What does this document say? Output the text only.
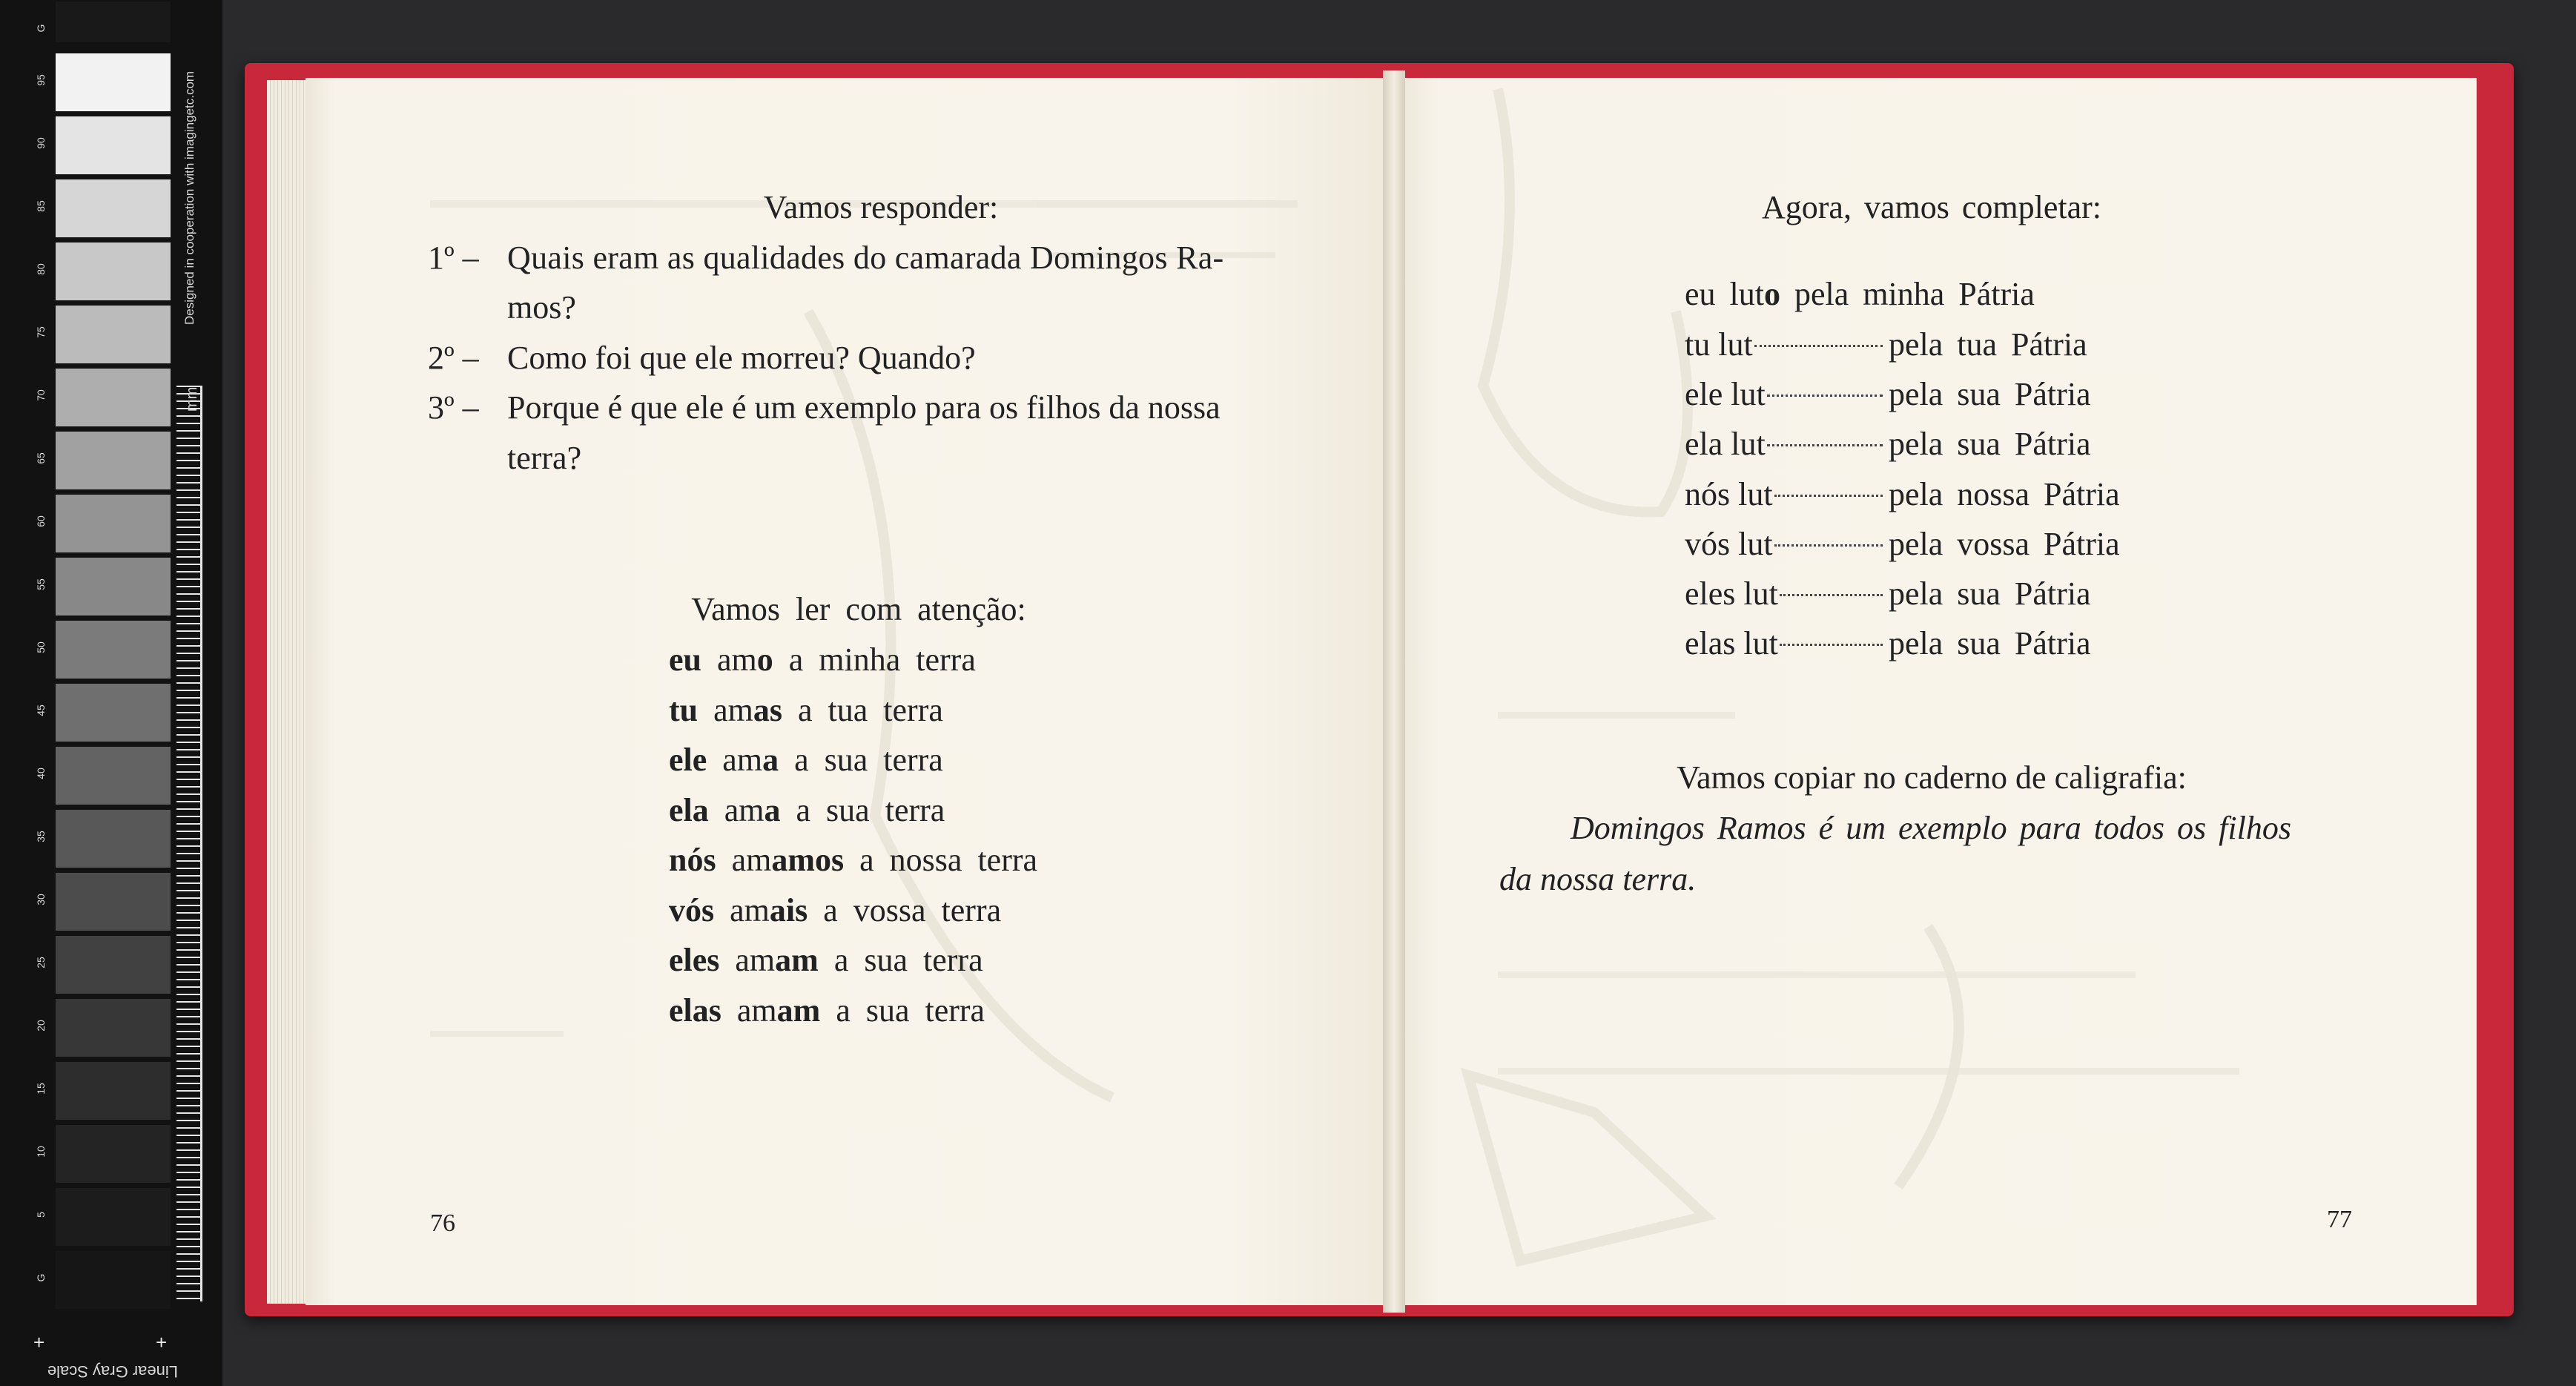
G
95
90
85
80
75
70
65
60
55
50
45
40
35
30
25
20
15
10
5
G
mm
Designed in cooperation with imagingetc.com
Linear Gray Scale
+	+
Vamos responder:
1º – Quais eram as qualidades do camarada Domingos Ra-
mos?
2º – Como foi que ele morreu? Quando?
3º – Porque é que ele é um exemplo para os filhos da nossa
terra?
Vamos ler com atenção:
eu amo a minha terra
tu amas a tua terra
ele ama a sua terra
ela ama a sua terra
nós amamos a nossa terra
vós amais a vossa terra
eles amam a sua terra
elas amam a sua terra
76
Agora, vamos completar:
eu luto pela minha Pátria
tu lut	pela tua Pátria
ele lut	pela sua Pátria
ela lut	pela sua Pátria
nós lut	pela nossa Pátria
vós lut	pela vossa Pátria
eles lut	pela sua Pátria
elas lut	pela sua Pátria
Vamos copiar no caderno de caligrafia:
Domingos Ramos é um exemplo para todos os filhos
da nossa terra.
77
